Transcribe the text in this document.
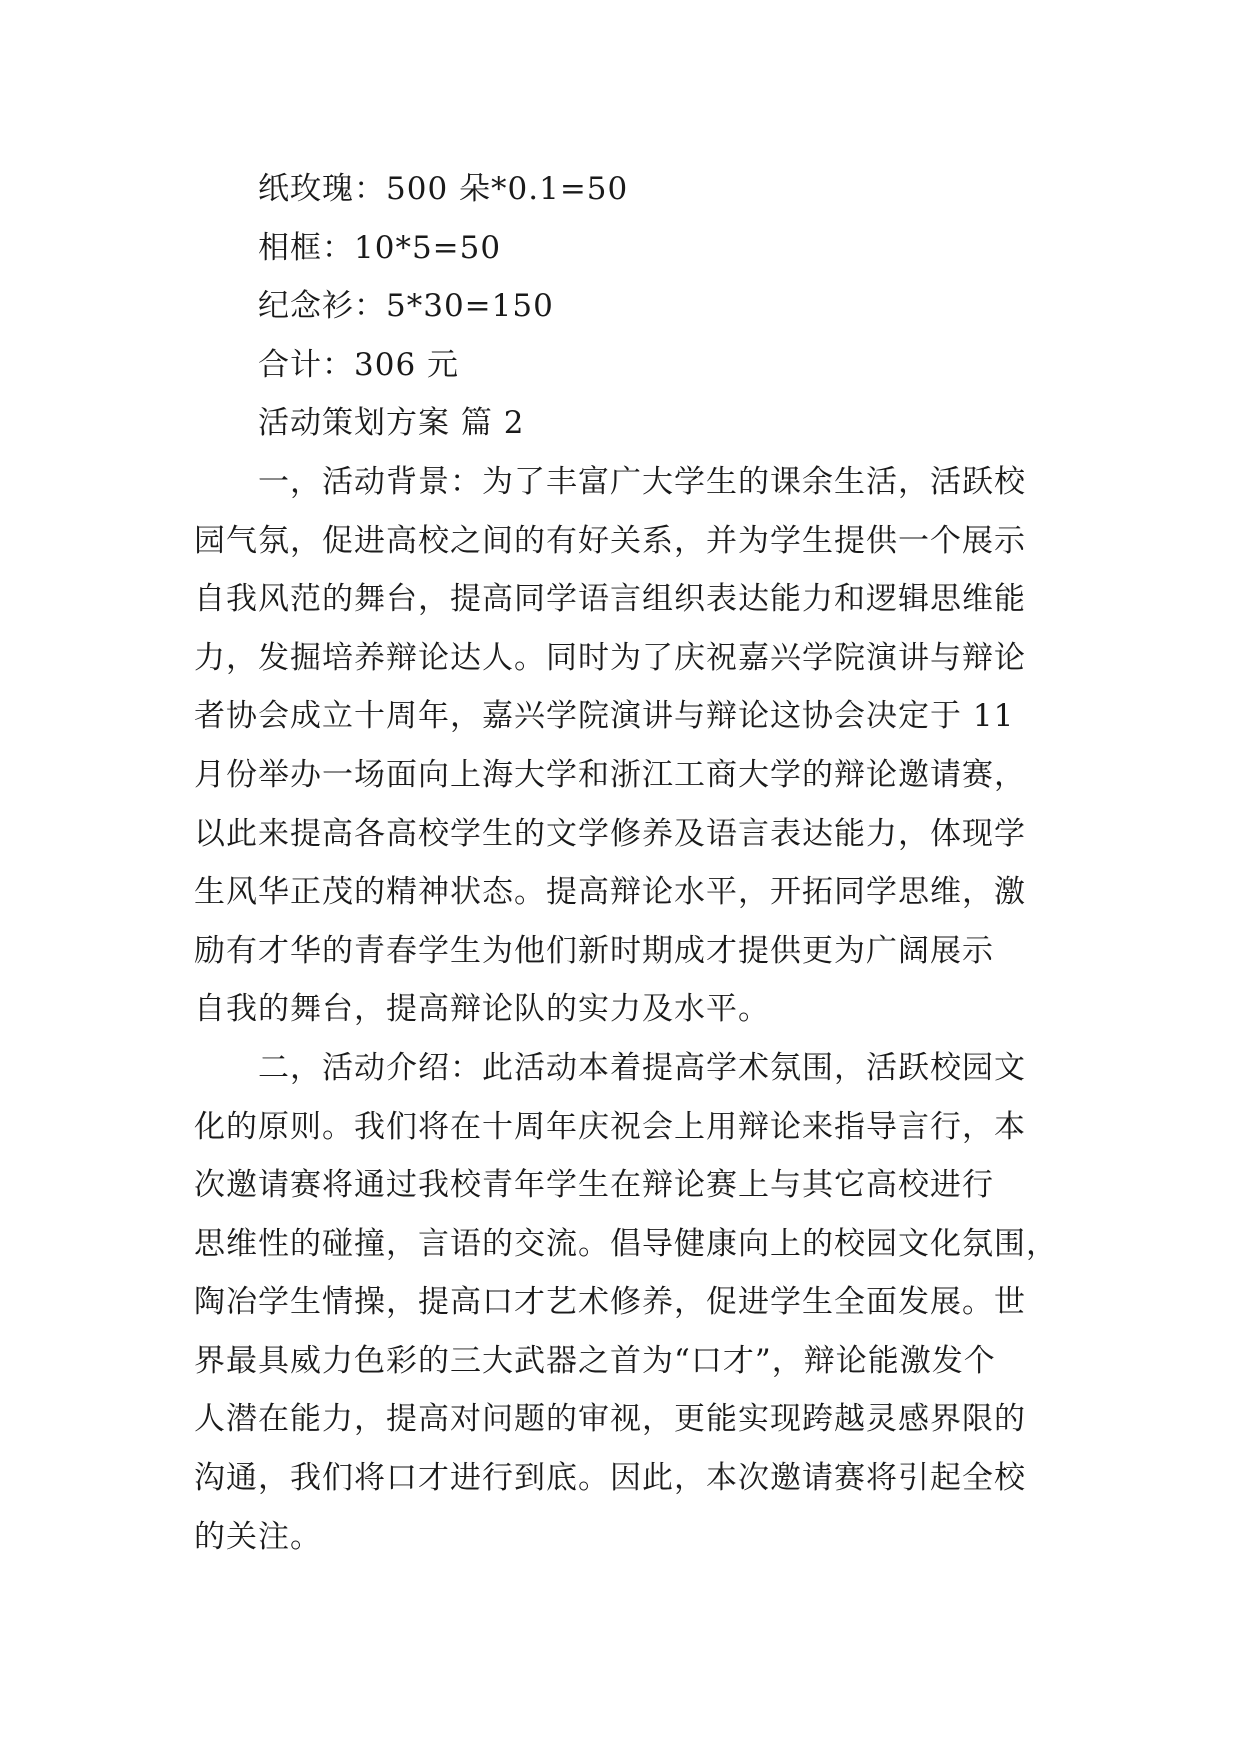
纸玫瑰：500 朵*0.1=50
相框：10*5=50
纪念衫：5*30=150
合计：306 元
活动策划方案 篇 2
一，活动背景：为了丰富广大学生的课余生活，活跃校
园气氛，促进高校之间的有好关系，并为学生提供一个展示
自我风范的舞台，提高同学语言组织表达能力和逻辑思维能
力，发掘培养辩论达人。同时为了庆祝嘉兴学院演讲与辩论
者协会成立十周年，嘉兴学院演讲与辩论这协会决定于 11
月份举办一场面向上海大学和浙江工商大学的辩论邀请赛，
以此来提高各高校学生的文学修养及语言表达能力，体现学
生风华正茂的精神状态。提高辩论水平，开拓同学思维，激
励有才华的青春学生为他们新时期成才提供更为广阔展示
自我的舞台，提高辩论队的实力及水平。
二，活动介绍：此活动本着提高学术氛围，活跃校园文
化的原则。我们将在十周年庆祝会上用辩论来指导言行，本
次邀请赛将通过我校青年学生在辩论赛上与其它高校进行
思维性的碰撞，言语的交流。倡导健康向上的校园文化氛围，
陶冶学生情操，提高口才艺术修养，促进学生全面发展。世
界最具威力色彩的三大武器之首为“口才”，辩论能激发个
人潜在能力，提高对问题的审视，更能实现跨越灵感界限的
沟通，我们将口才进行到底。因此，本次邀请赛将引起全校
的关注。
